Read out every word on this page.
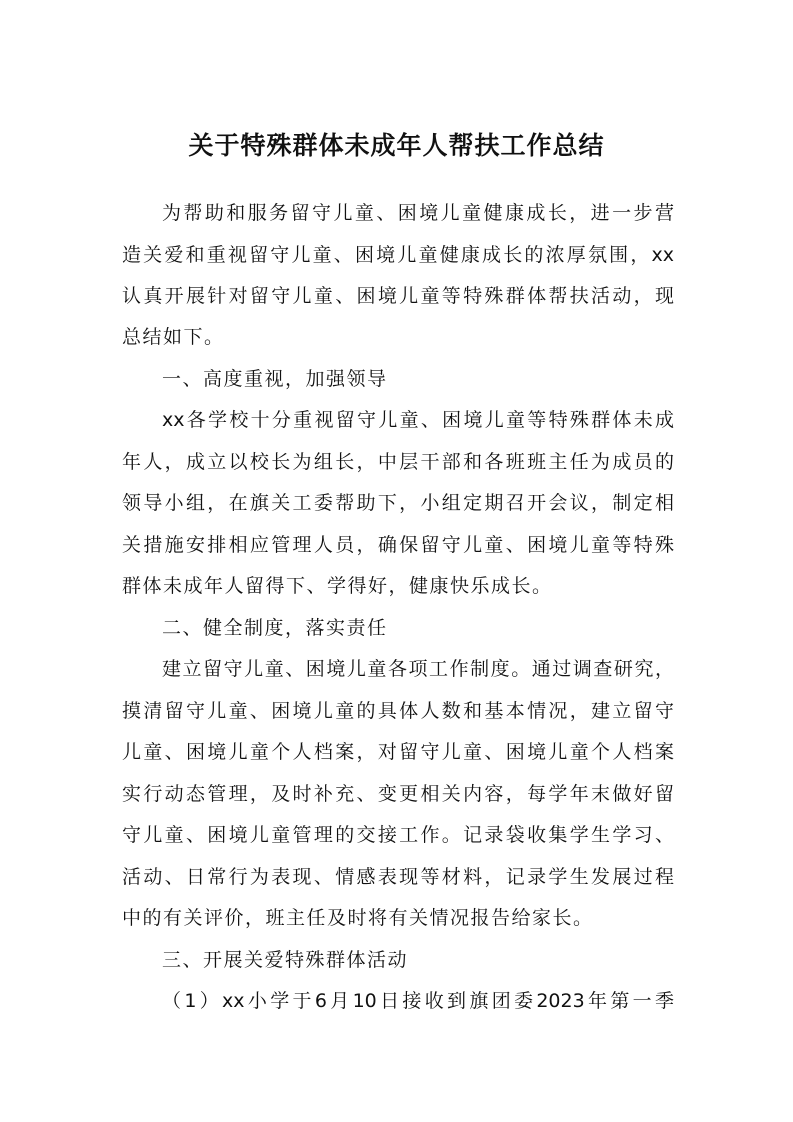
关于特殊群体未成年人帮扶工作总结
为帮助和服务留守儿童、困境儿童健康成长，进一步营
造关爱和重视留守儿童、困境儿童健康成长的浓厚氛围，xx
认真开展针对留守儿童、困境儿童等特殊群体帮扶活动，现
总结如下。
一、高度重视，加强领导
xx各学校十分重视留守儿童、困境儿童等特殊群体未成
年人，成立以校长为组长，中层干部和各班班主任为成员的
领导小组，在旗关工委帮助下，小组定期召开会议，制定相
关措施安排相应管理人员，确保留守儿童、困境儿童等特殊
群体未成年人留得下、学得好，健康快乐成长。
二、健全制度，落实责任
建立留守儿童、困境儿童各项工作制度。通过调查研究，
摸清留守儿童、困境儿童的具体人数和基本情况，建立留守
儿童、困境儿童个人档案，对留守儿童、困境儿童个人档案
实行动态管理，及时补充、变更相关内容，每学年末做好留
守儿童、困境儿童管理的交接工作。记录袋收集学生学习、
活动、日常行为表现、情感表现等材料，记录学生发展过程
中的有关评价，班主任及时将有关情况报告给家长。
三、开展关爱特殊群体活动
（1）xx小学于6月10日接收到旗团委2023年第一季
